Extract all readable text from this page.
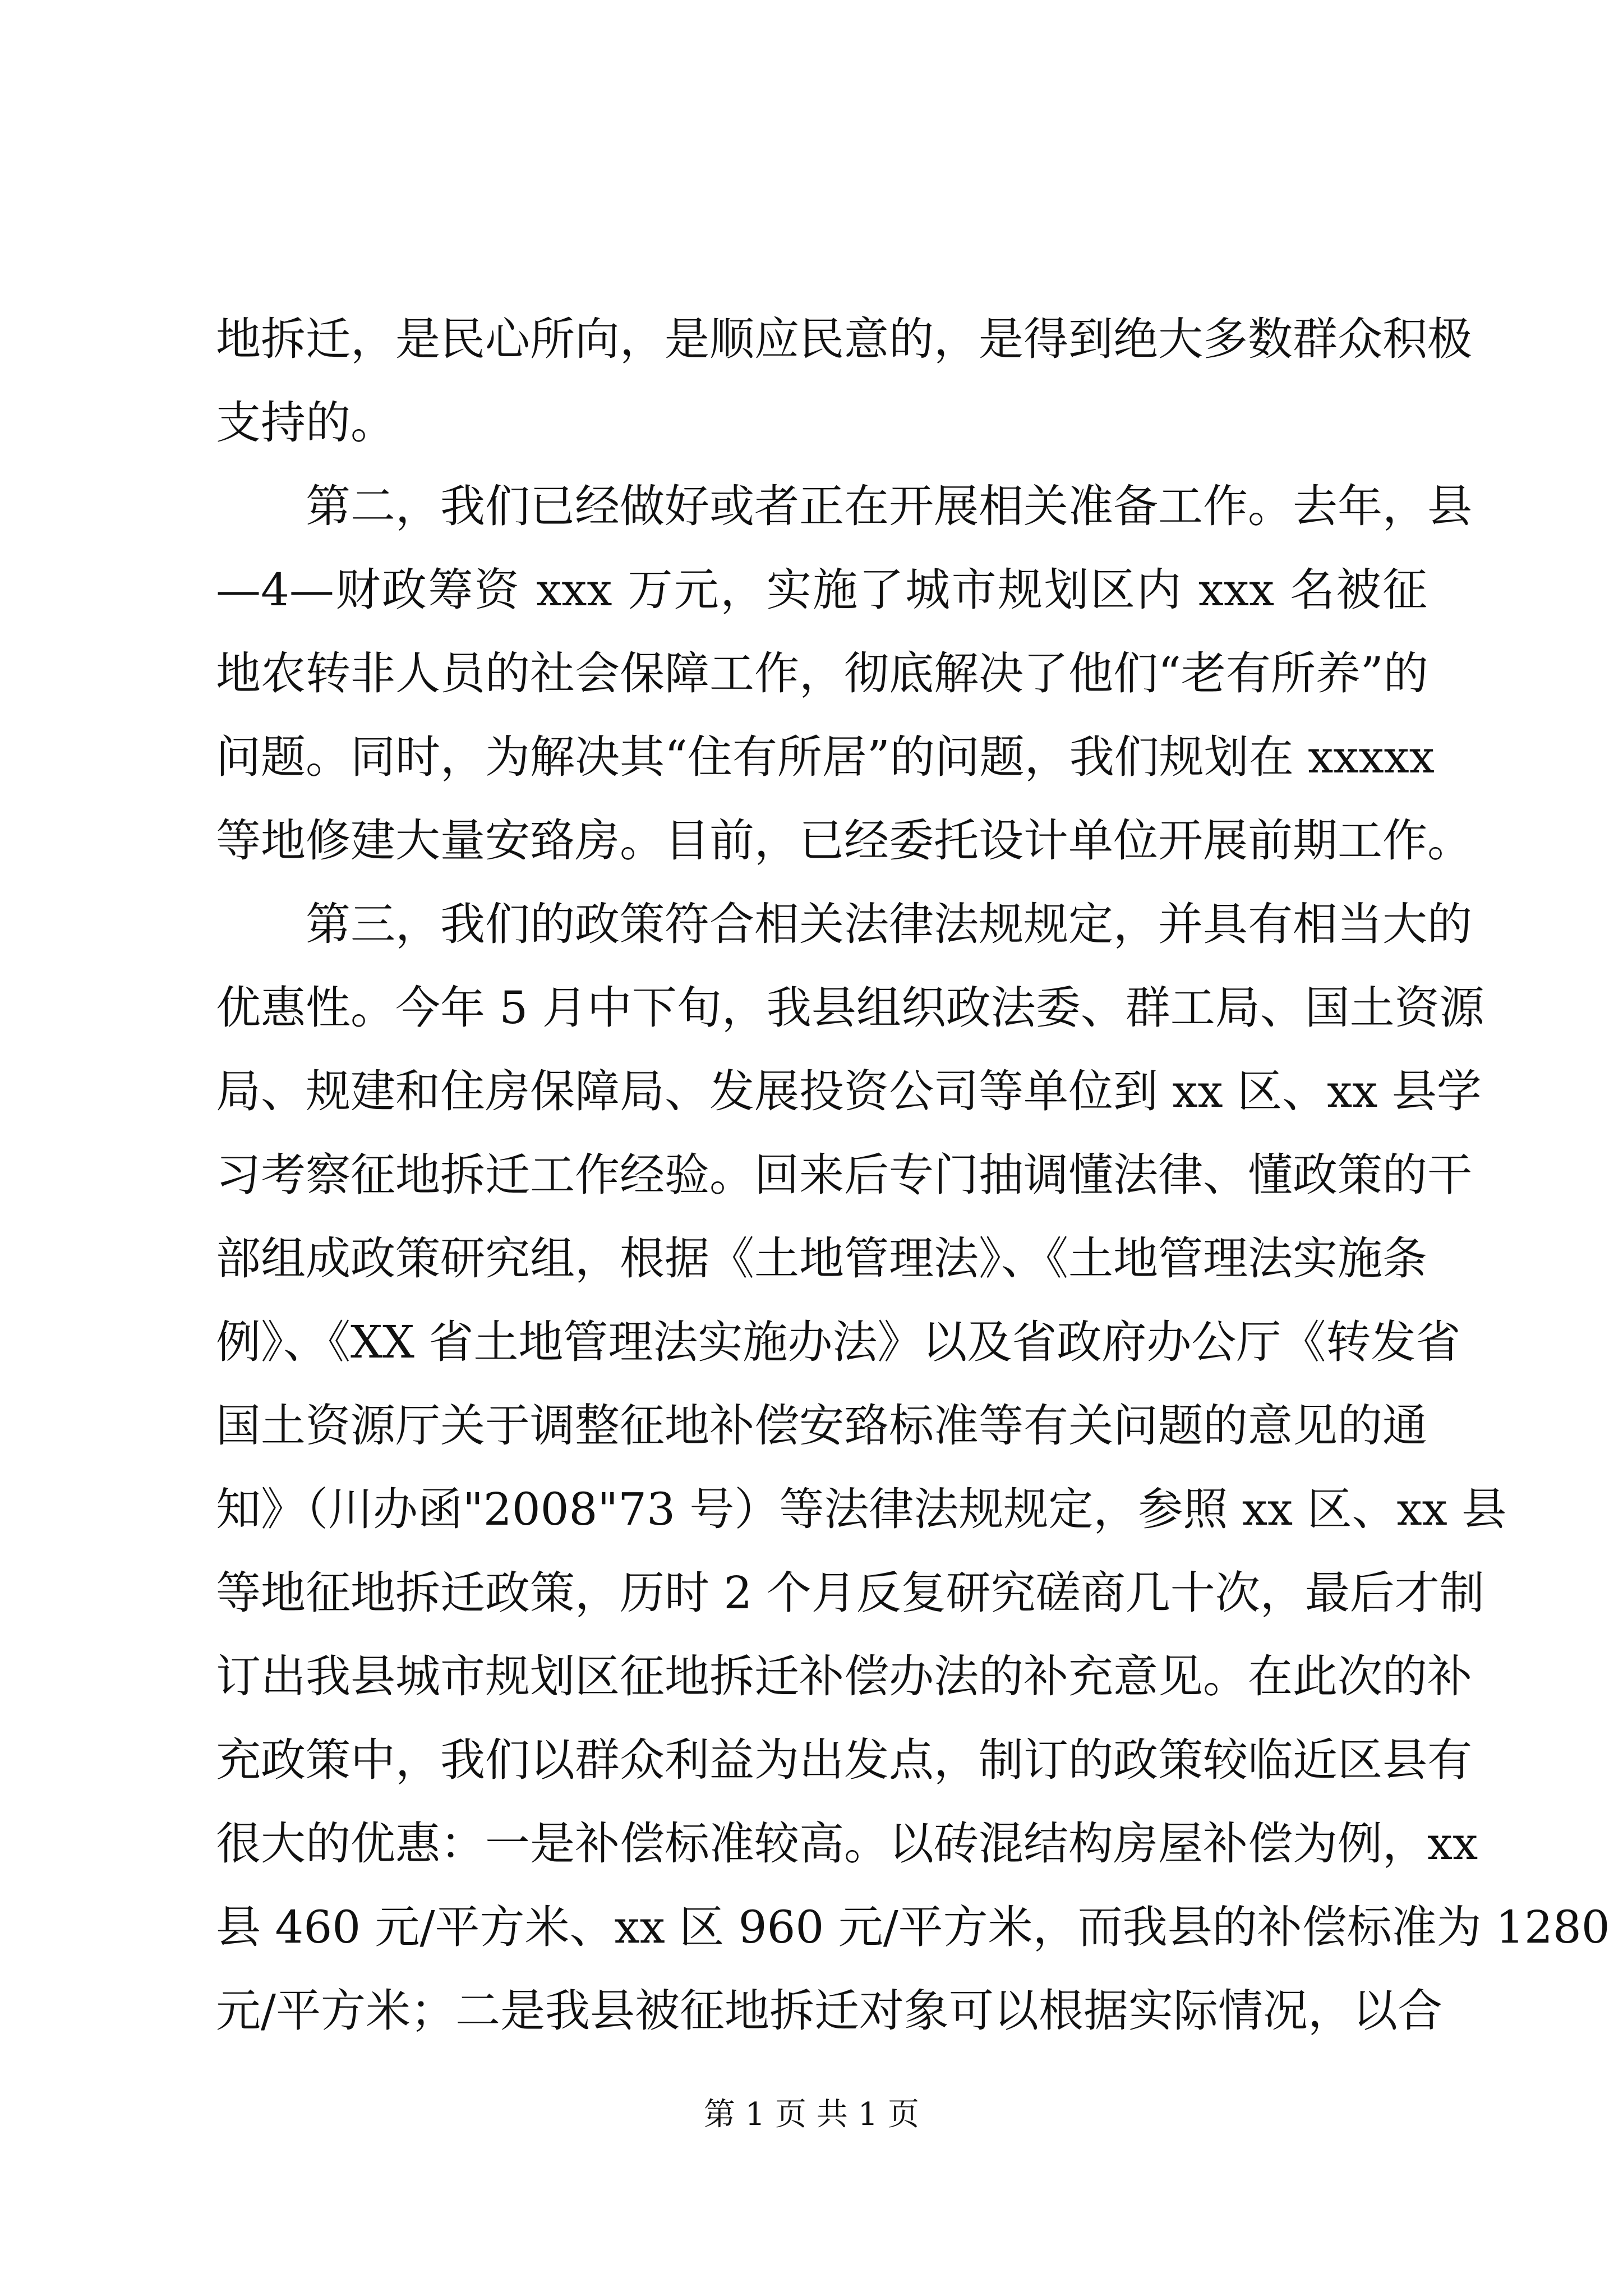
地拆迁，是民心所向，是顺应民意的，是得到绝大多数群众积极
支持的。
第二，我们已经做好或者正在开展相关准备工作。去年，县
—4—财政筹资 xxx 万元，实施了城市规划区内 xxx 名被征
地农转非人员的社会保障工作，彻底解决了他们“老有所养”的
问题。同时，为解决其“住有所居”的问题，我们规划在 xxxxx
等地修建大量安臵房。目前，已经委托设计单位开展前期工作。
第三，我们的政策符合相关法律法规规定，并具有相当大的
优惠性。今年 5 月中下旬，我县组织政法委、群工局、国土资源
局、规建和住房保障局、发展投资公司等单位到 xx 区、xx 县学
习考察征地拆迁工作经验。回来后专门抽调懂法律、懂政策的干
部组成政策研究组，根据《土地管理法》、《土地管理法实施条
例》、《XX 省土地管理法实施办法》以及省政府办公厅《转发省
国土资源厅关于调整征地补偿安臵标准等有关问题的意见的通
知》（川办函"2008"73 号）等法律法规规定，参照 xx 区、xx 县
等地征地拆迁政策，历时 2 个月反复研究磋商几十次，最后才制
订出我县城市规划区征地拆迁补偿办法的补充意见。在此次的补
充政策中，我们以群众利益为出发点，制订的政策较临近区县有
很大的优惠：一是补偿标准较高。以砖混结构房屋补偿为例，xx
县 460 元/平方米、xx 区 960 元/平方米，而我县的补偿标准为 1280
元/平方米；二是我县被征地拆迁对象可以根据实际情况，以合
第 1 页 共 1 页
